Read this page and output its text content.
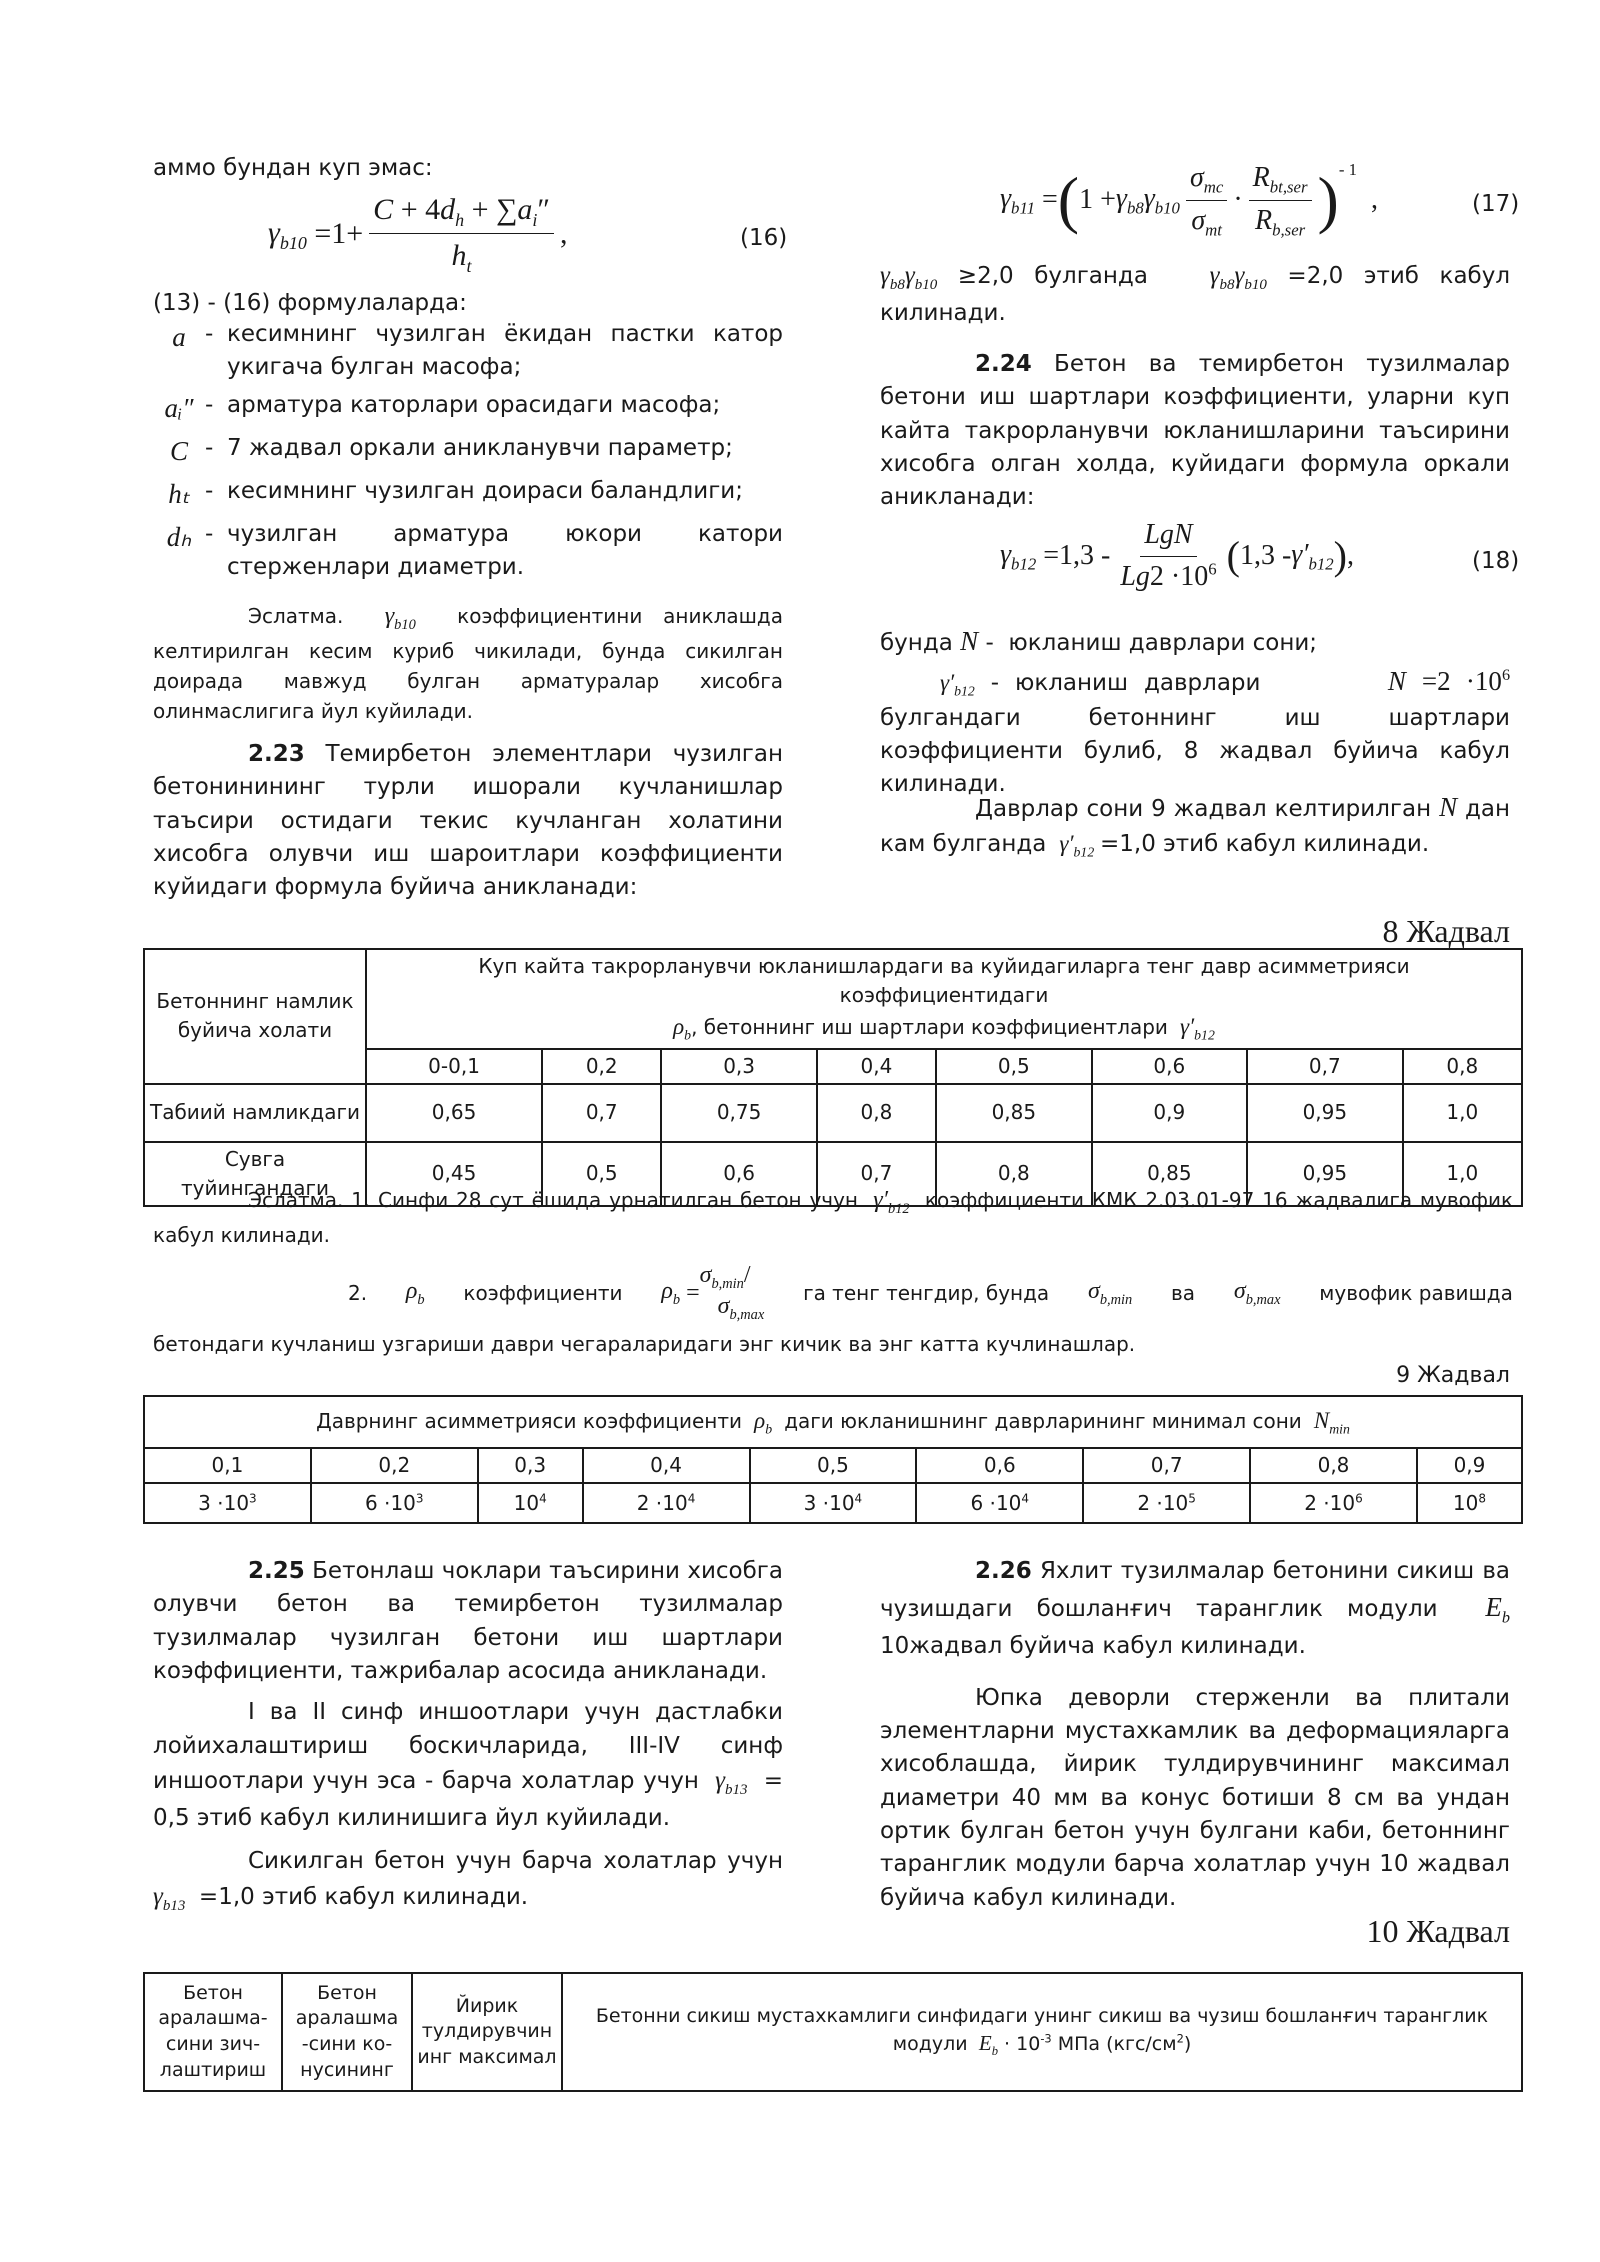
аммо бундан куп эмас:
$\gamma_{b10} =1+ \frac{C + 4d_h + \sum a_i''}{h_t}$ ,	(16)
(13) - (16) формулаларда:
a - кесимнинг чузилган ёкидан пастки катор укигача булган масофа;
aᵢ″ - арматура каторлари орасидаги масофа;
C - 7 жадвал оркали аникланувчи параметр;
hₜ - кесимнинг чузилган доираси баландлиги;
dₕ - чузилган арматура юкори катори стерженлари диаметри.
Эслатма.  $\gamma_{b10}$ коэффициентини аниклашда келтирилган кесим куриб чикилади, бунда сикилган доирада мавжуд булган арматуралар хисобга олинмаслигига йул куйилади.
2.23 Темирбетон элементлари чузилган бетонинининг турли ишорали кучланишлар таъсири остидаги текис кучланган холатини хисобга олувчи иш шароитлари коэффициенти куйидаги формула буйича аникланади:
$\gamma_{b11}$ = ( $1 + \gamma_{b8}\gamma_{b10} \frac{\sigma_{mc}}{\sigma_{mt}} \cdot \frac{R_{bt,ser}}{R_{b,ser}} )^{- 1}$
,	(17)
$\gamma_{b8}\gamma_{b10} \ge 2,0$ булганда $\gamma_{b8}\gamma_{b10} =2,0$ этиб кабул килинади.
2.24 Бетон ва темирбетон тузилмалар бетони иш шартлари коэффициенти, уларни куп кайта такрорланувчи юкланишларини таъсирини хисобга олган холда, куйидаги формула оркали аникланади:
$\gamma_{b12} =1,3 - \frac{\text{LgN}}{Lg2 \cdot 10^6}$ ( $1,3 - \gamma'_{b12}$ ) ,	(18)
бунда N -  юкланиш даврлари сони;
$\gamma'_{b12}$ - юкланиш даврлари	$N =2 \cdot 10^6$ булгандаги бетоннинг иш шартлари коэффициенти булиб, 8 жадвал буйича кабул килинади.
Даврлар сони 9 жадвал келтирилган N дан кам булганда  $\gamma'_{b12} =1,0$ этиб кабул килинади.
8 Жадвал
Бетоннинг намлик буйича холати	Куп кайта такрорланувчи юкланишлардаги ва куйидагиларга тенг давр асимметрияси коэффициентидаги
$\rho_b$, бетоннинг иш шартлари коэффициентлари  $\gamma'_{b12}$
	0-0,1	0,2	0,3	0,4	0,5	0,6	0,7	0,8
Табиий намликдаги	0,65	0,7	0,75	0,8	0,85	0,9	0,95	1,0
Сувга туйингандаги	0,45	0,5	0,6	0,7	0,8	0,85	0,95	1,0
Эслатма. 1. Синфи 28 сут ёшида урнатилган бетон учун  $\gamma'_{b12}$ коэффициенти КМК 2.03.01-97 16 жадвалига мувофик кабул килинади.
2. $\rho_b$ коэффициенти $\rho_b$ =
$\sigma_{b,min}/$
$\sigma_{b,max}$
га тенг тенгдир, бунда $\sigma_{b,min}$ ва $\sigma_{b,max}$ мувофик равишда
бетондаги кучланиш узгариши даври чегараларидаги энг кичик ва энг катта кучлинашлар.
9 Жадвал
Даврнинг асимметрияси коэффициенти  $\rho_b$ даги юкланишнинг даврларининг минимал сони  $N_{min}$
0,1	0,2	0,3	0,4	0,5	0,6	0,7	0,8	0,9
$3 \cdot 10^3$	$6 \cdot 10^3$	$10^4$	$2 \cdot 10^4$	$3 \cdot 10^4$	$6 \cdot 10^4$	$2 \cdot 10^5$	$2 \cdot 10^6$	$10^8$
2.25 Бетонлаш чоклари таъсирини хисобга олувчи бетон ва темирбетон тузилмалар тузилмалар чузилган бетони иш шартлари коэффициенти, тажрибалар асосида аникланади.
I ва II синф иншоотлари учун дастлабки лойихалаштириш боскичларида, III-IV синф иншоотлари учун эса - барча холатлар учун  $\gamma_{b13} = 0,5$ этиб кабул килинишига йул куйилади.
Сикилган бетон учун барча холатлар учун $\gamma_{b13} =1,0$ этиб кабул килинади.
2.26 Яхлит тузилмалар бетонини сикиш ва чузишдаги бошланғич таранглик модули  $E_b$ 10жадвал буйича кабул килинади.
Юпка деворли стерженли ва плитали элементларни мустахкамлик ва деформацияларга хисоблашда, йирик тулдирувчининг максимал диаметри 40 мм ва конус ботиши 8 см ва ундан ортик булган бетон учун булгани каби, бетоннинг таранглик модули барча холатлар учун 10 жадвал буйича кабул килинади.
10 Жадвал
Бетон аралашма-сини зич-лаштириш	Бетон аралашма -сини ко-нусининг	Йирик тулдирувчин инг максимал	Бетонни сикиш мустахкамлиги синфидаги унинг сикиш ва чузиш бошланғич таранглик модули  $E_b \cdot 10^{-3}$ МПа $(кгс/см^2)$
